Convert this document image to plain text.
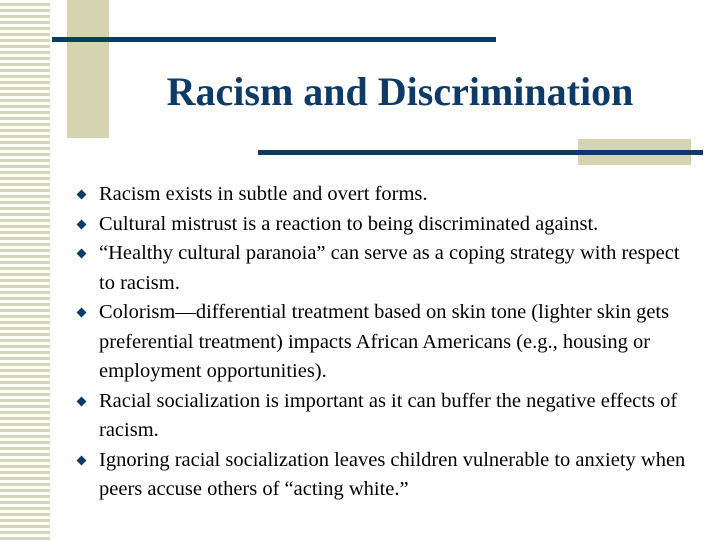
Racism and Discrimination
Racism exists in subtle and overt forms.
Cultural mistrust is a reaction to being discriminated against.
“Healthy cultural paranoia” can serve as a coping strategy with respect to racism.
Colorism—differential treatment based on skin tone (lighter skin gets preferential treatment) impacts African Americans (e.g., housing or employment opportunities).
Racial socialization is important as it can buffer the negative effects of racism.
Ignoring racial socialization leaves children vulnerable to anxiety when peers accuse others of “acting white.”
